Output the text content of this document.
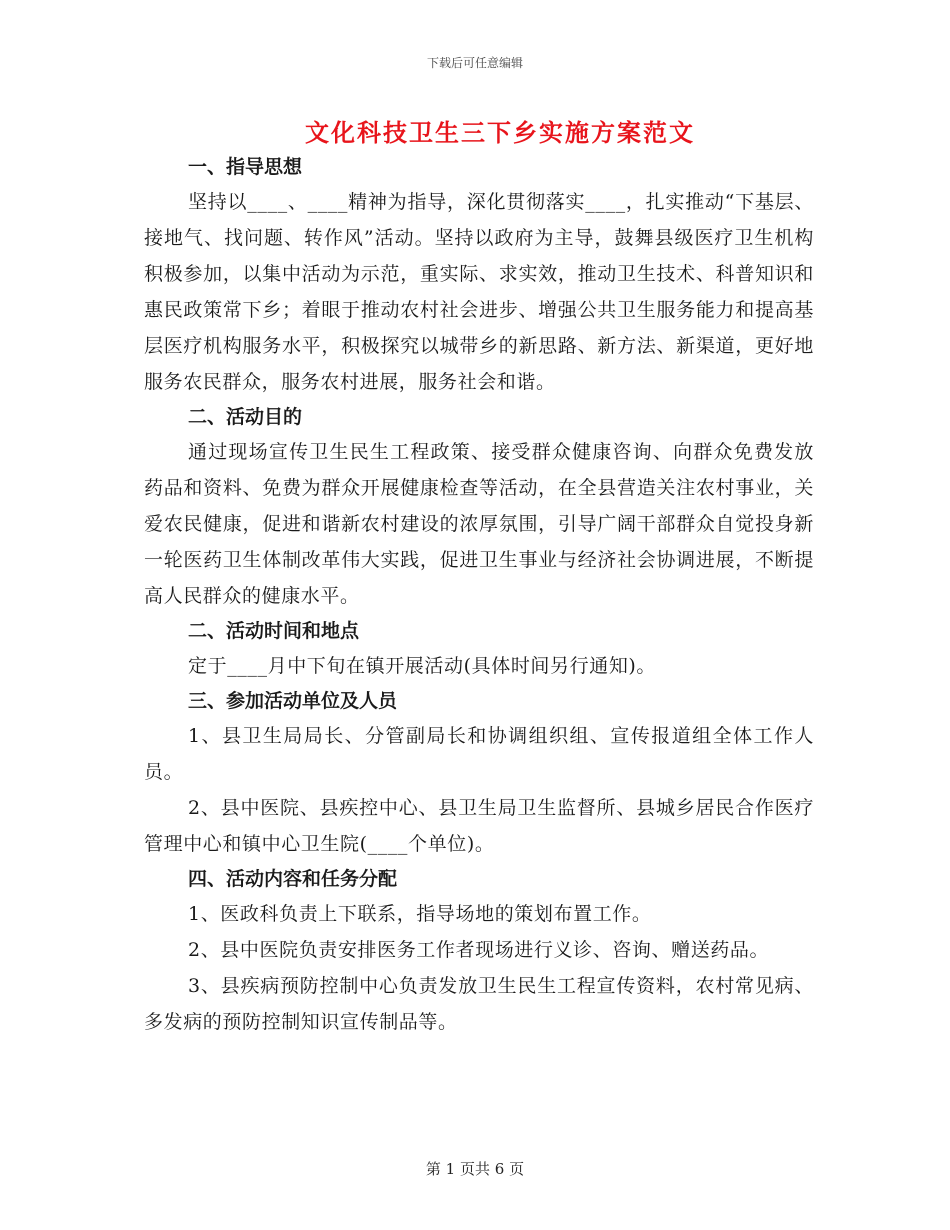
下载后可任意编辑
文化科技卫生三下乡实施方案范文

一、指导思想

坚持以____、____精神为指导，深化贯彻落实____，扎实推动“下基层、接地气、找问题、转作风”活动。坚持以政府为主导，鼓舞县级医疗卫生机构积极参加，以集中活动为示范，重实际、求实效，推动卫生技术、科普知识和惠民政策常下乡；着眼于推动农村社会进步、增强公共卫生服务能力和提高基层医疗机构服务水平，积极探究以城带乡的新思路、新方法、新渠道，更好地服务农民群众，服务农村进展，服务社会和谐。

二、活动目的

通过现场宣传卫生民生工程政策、接受群众健康咨询、向群众免费发放药品和资料、免费为群众开展健康检查等活动，在全县营造关注农村事业，关爱农民健康，促进和谐新农村建设的浓厚氛围，引导广阔干部群众自觉投身新一轮医药卫生体制改革伟大实践，促进卫生事业与经济社会协调进展，不断提高人民群众的健康水平。

二、活动时间和地点

定于____月中下旬在镇开展活动(具体时间另行通知)。

三、参加活动单位及人员

1、县卫生局局长、分管副局长和协调组织组、宣传报道组全体工作人员。

2、县中医院、县疾控中心、县卫生局卫生监督所、县城乡居民合作医疗管理中心和镇中心卫生院(____个单位)。

四、活动内容和任务分配

1、医政科负责上下联系，指导场地的策划布置工作。

2、县中医院负责安排医务工作者现场进行义诊、咨询、赠送药品。

3、县疾病预防控制中心负责发放卫生民生工程宣传资料，农村常见病、多发病的预防控制知识宣传制品等。

第 1 页共 6 页
